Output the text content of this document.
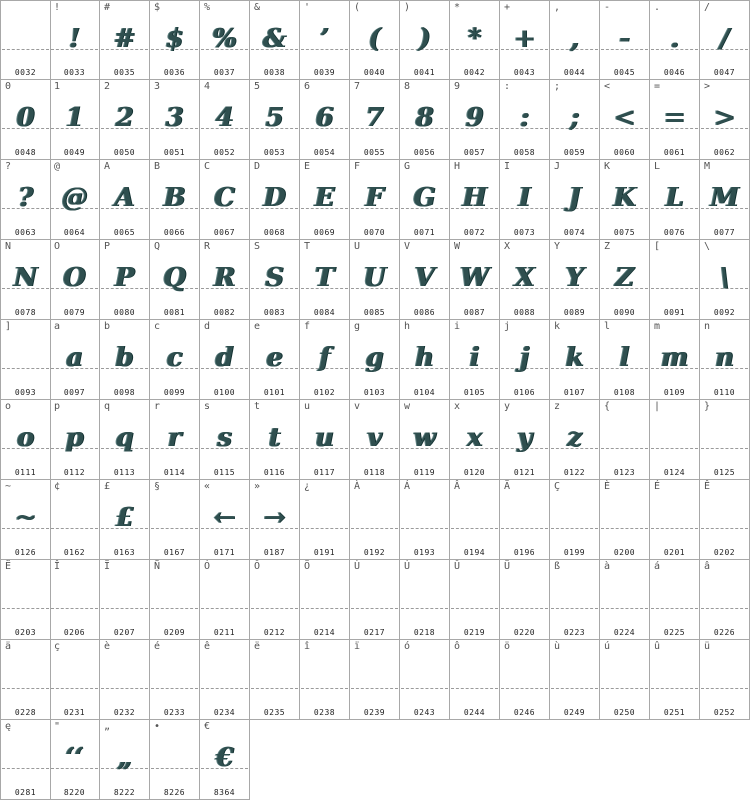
0032
!
!
0033
#
#
0035
$
$
0036
%
%
0037
&
&
0038
'
’
0039
(
(
0040
)
)
0041
*
*
0042
+
+
0043
,
,
0044
-
-
0045
.
.
0046
/
/
0047
0
0
0048
1
1
0049
2
2
0050
3
3
0051
4
4
0052
5
5
0053
6
6
0054
7
7
0055
8
8
0056
9
9
0057
:
:
0058
;
;
0059
<
<
0060
=
=
0061
>
>
0062
?
?
0063
@
@
0064
A
A
0065
B
B
0066
C
C
0067
D
D
0068
E
E
0069
F
F
0070
G
G
0071
H
H
0072
I
I
0073
J
J
0074
K
K
0075
L
L
0076
M
M
0077
N
N
0078
O
O
0079
P
P
0080
Q
Q
0081
R
R
0082
S
S
0083
T
T
0084
U
U
0085
V
V
0086
W
W
0087
X
X
0088
Y
Y
0089
Z
Z
0090
[
0091
\
\
0092
]
0093
a
a
0097
b
b
0098
c
c
0099
d
d
0100
e
e
0101
f
f
0102
g
g
0103
h
h
0104
i
i
0105
j
j
0106
k
k
0107
l
l
0108
m
m
0109
n
n
0110
o
o
0111
p
p
0112
q
q
0113
r
r
0114
s
s
0115
t
t
0116
u
u
0117
v
v
0118
w
w
0119
x
x
0120
y
y
0121
z
z
0122
{
0123
|
0124
}
0125
~
~
0126
¢
0162
£
£
0163
§
0167
«
←
0171
»
→
0187
¿
0191
À
0192
Á
0193
Â
0194
Ä
0196
Ç
0199
È
0200
É
0201
Ê
0202
Ë
0203
Î
0206
Ï
0207
Ñ
0209
Ó
0211
Ô
0212
Ö
0214
Ù
0217
Ú
0218
Û
0219
Ü
0220
ß
0223
à
0224
á
0225
â
0226
ä
0228
ç
0231
è
0232
é
0233
ê
0234
ë
0235
î
0238
ï
0239
ó
0243
ô
0244
ö
0246
ù
0249
ú
0250
û
0251
ü
0252
ę
0281
"
‘‘
8220
„
„
8222
•
8226
€
€
8364
